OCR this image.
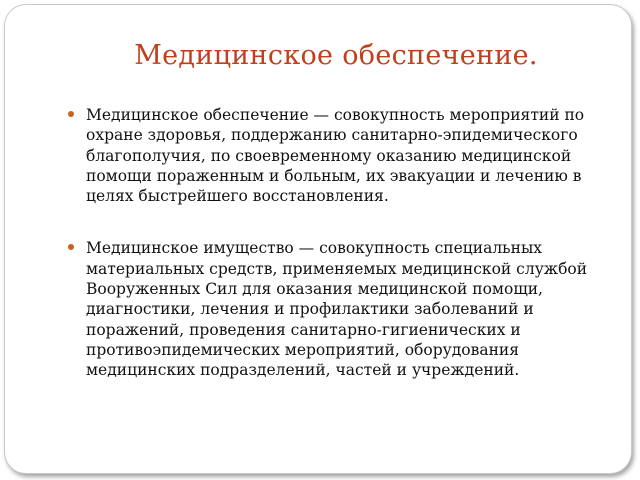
Медицинское обеспечение.
Медицинское обеспечение — совокупность мероприятий по охране здоровья, поддержанию санитарно-эпидемического благополучия, по своевременному оказанию медицинской помощи пораженным и больным, их эвакуации и лечению в целях быстрейшего восстановления.
Медицинское имущество — совокупность специальных материальных средств, применяемых медицинской службой Вооруженных Сил для оказания медицинской помощи, диагностики, лечения и профилактики заболеваний и поражений, проведения санитарно-гигиенических и противоэпидемических мероприятий, оборудования медицинских подразделений, частей и учреждений.
